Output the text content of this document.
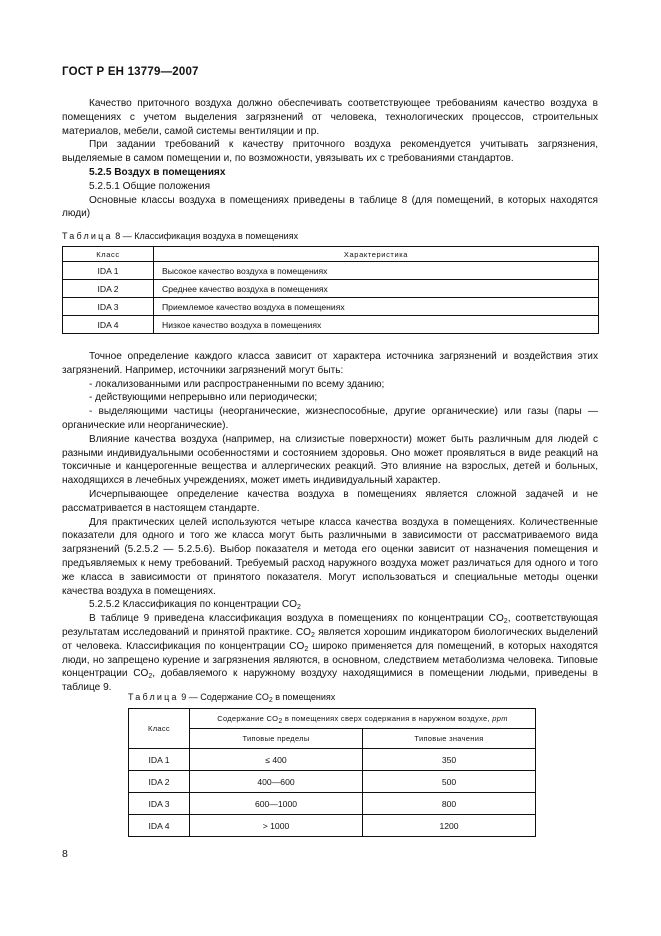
ГОСТ Р ЕН 13779—2007

Качество приточного воздуха должно обеспечивать соответствующее требованиям качество воздуха в помещениях с учетом выделения загрязнений от человека, технологических процессов, строительных материалов, мебели, самой системы вентиляции и пр.

При задании требований к качеству приточного воздуха рекомендуется учитывать загрязнения, выделяемые в самом помещении и, по возможности, увязывать их с требованиями стандартов.

5.2.5 Воздух в помещениях

5.2.5.1 Общие положения

Основные классы воздуха в помещениях приведены в таблице 8 (для помещений, в которых находятся люди)

Таблица 8 — Классификация воздуха в помещениях
Класс	Характеристика
IDA 1	Высокое качество воздуха в помещениях
IDA 2	Среднее качество воздуха в помещениях
IDA 3	Приемлемое качество воздуха в помещениях
IDA 4	Низкое качество воздуха в помещениях

Точное определение каждого класса зависит от характера источника загрязнений и воздействия этих загрязнений. Например, источники загрязнений могут быть:

- локализованными или распространенными по всему зданию;

- действующими непрерывно или периодически;

- выделяющими частицы (неорганические, жизнеспособные, другие органические) или газы (пары — органические или неорганические).

Влияние качества воздуха (например, на слизистые поверхности) может быть различным для людей с разными индивидуальными особенностями и состоянием здоровья. Оно может проявляться в виде реакций на токсичные и канцерогенные вещества и аллергических реакций. Это влияние на взрослых, детей и больных, находящихся в лечебных учреждениях, может иметь индивидуальный характер.

Исчерпывающее определение качества воздуха в помещениях является сложной задачей и не рассматривается в настоящем стандарте.

Для практических целей используются четыре класса качества воздуха в помещениях. Количественные показатели для одного и того же класса могут быть различными в зависимости от рассматриваемого вида загрязнений (5.2.5.2 — 5.2.5.6). Выбор показателя и метода его оценки зависит от назначения помещения и предъявляемых к нему требований. Требуемый расход наружного воздуха может различаться для одного и того же класса в зависимости от принятого показателя. Могут использоваться и специальные методы оценки качества воздуха в помещениях.

5.2.5.2 Классификация по концентрации $CO_2$

В таблице 9 приведена классификация воздуха в помещениях по концентрации $CO_2$, соответствующая результатам исследований и принятой практике. $CO_2$ является хорошим индикатором биологических выделений от человека. Классификация по концентрации $CO_2$ широко применяется для помещений, в которых находятся люди, но запрещено курение и загрязнения являются, в основном, следствием метаболизма человека. Типовые концентрации $CO_2$, добавляемого к наружному воздуху находящимися в помещении людьми, приведены в таблице 9.

Таблица 9 — Содержание $CO_2$ в помещениях
Класс	Содержание $CO_2$ в помещениях сверх содержания в наружном воздухе, ppm	
	Типовые пределы	Типовые значения
IDA 1	≤ 400	350
IDA 2	400—600	500
IDA 3	600—1000	800
IDA 4	> 1000	1200
8
